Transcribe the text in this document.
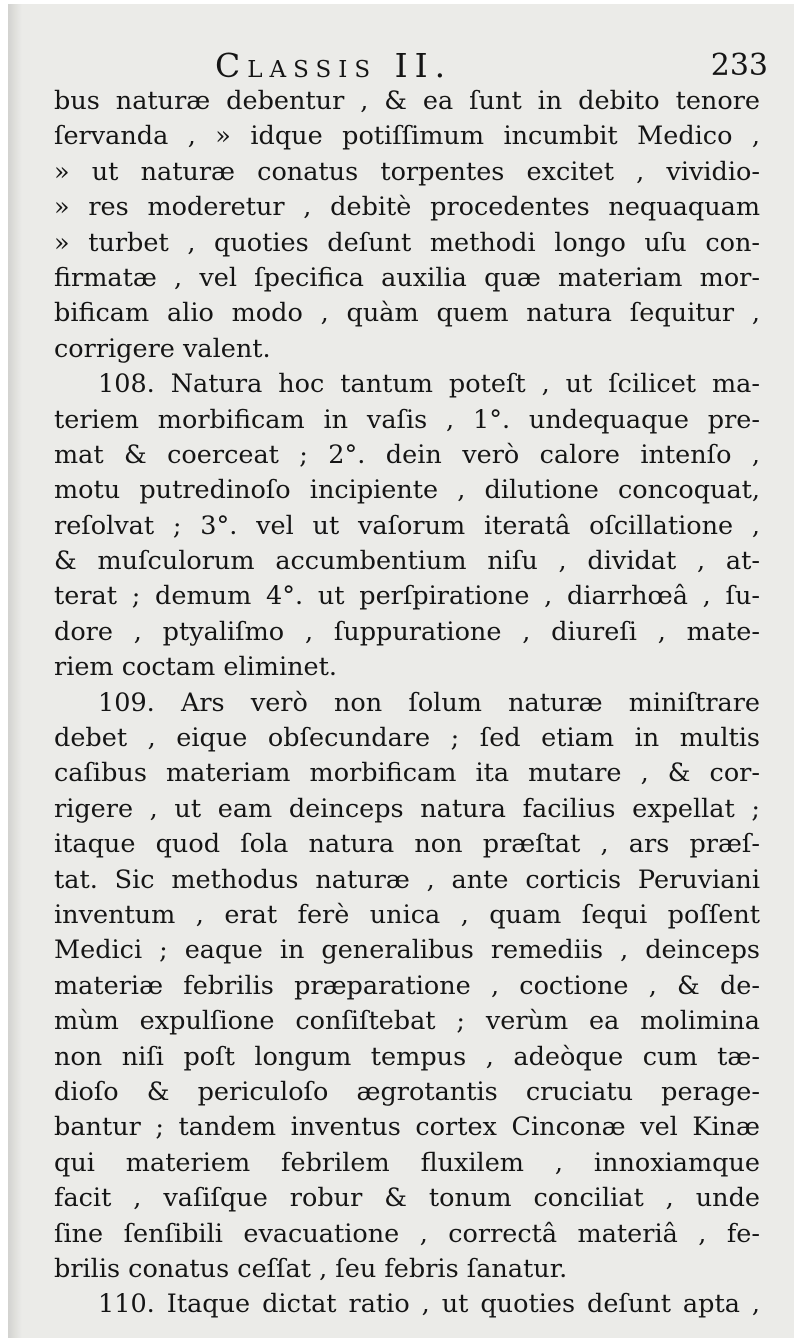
Classis II.	233
bus naturæ debentur , & ea ſunt in debito tenore
ſervanda , » idque potiſſimum incumbit Medico ,
» ut naturæ conatus torpentes excitet , vividio-
» res moderetur , debitè procedentes nequaquam
» turbet , quoties deſunt methodi longo uſu con-
firmatæ , vel ſpecifica auxilia quæ materiam mor-
bificam alio modo , quàm quem natura ſequitur ,
corrigere valent.
108. Natura hoc tantum poteſt , ut ſcilicet ma-
teriem morbificam in vaſis , 1°. undequaque pre-
mat & coerceat ; 2°. dein verò calore intenſo ,
motu putredinoſo incipiente , dilutione concoquat,
reſolvat ; 3°. vel ut vaſorum iteratâ oſcillatione ,
& muſculorum accumbentium niſu , dividat , at-
terat ; demum 4°. ut perſpiratione , diarrhœâ , ſu-
dore , ptyaliſmo , ſuppuratione , diureſi , mate-
riem coctam eliminet.
109. Ars verò non ſolum naturæ miniſtrare
debet , eique obſecundare ; ſed etiam in multis
caſibus materiam morbificam ita mutare , & cor-
rigere , ut eam deinceps natura facilius expellat ;
itaque quod ſola natura non præſtat , ars præſ-
tat. Sic methodus naturæ , ante corticis Peruviani
inventum , erat ferè unica , quam ſequi poſſent
Medici ; eaque in generalibus remediis , deinceps
materiæ febrilis præparatione , coctione , & de-
mùm expulſione conſiſtebat ; verùm ea molimina
non niſi poſt longum tempus , adeòque cum tæ-
dioſo & periculoſo ægrotantis cruciatu perage-
bantur ; tandem inventus cortex Cinconæ vel Kinæ
qui materiem febrilem fluxilem , innoxiamque
facit , vaſiſque robur & tonum conciliat , unde
ſine ſenſibili evacuatione , correctâ materiâ , fe-
brilis conatus ceſſat , ſeu febris ſanatur.
110. Itaque dictat ratio , ut quoties deſunt apta ,
